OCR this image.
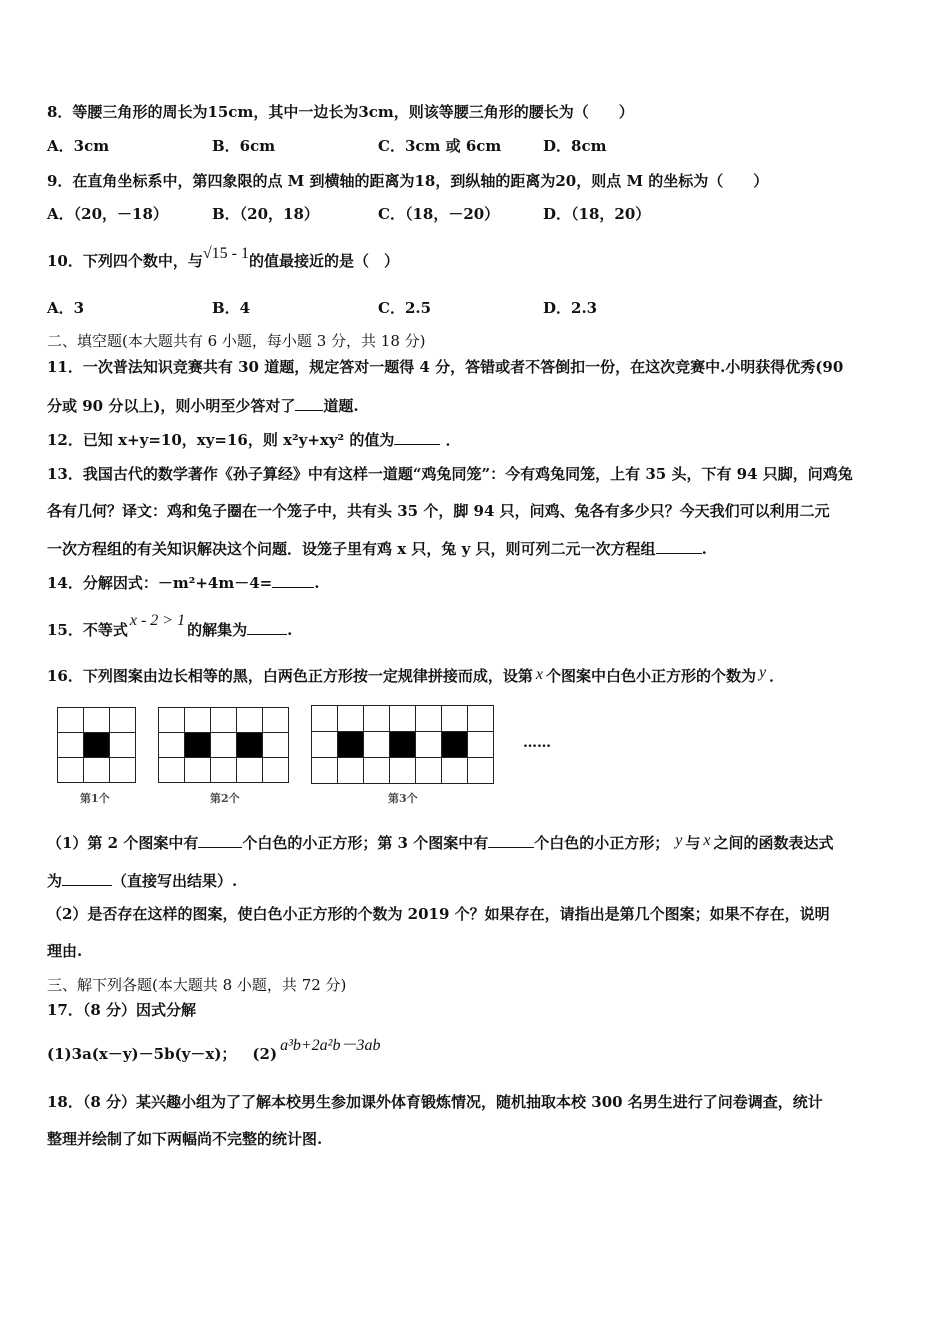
8．等腰三角形的周长为15cm，其中一边长为3cm，则该等腰三角形的腰长为（　　）
A．3cm	B．6cm	C．3cm 或 6cm	D．8cm
9．在直角坐标系中，第四象限的点 M 到横轴的距离为18，到纵轴的距离为20，则点 M 的坐标为（　　）
A．（20，－18）	B．（20，18）	C．（18，－20）	D．（18，20）
10．下列四个数中，与√15 - 1的值最接近的是（　）
A．3	B．4	C．2.5	D．2.3
二、填空题(本大题共有 6 小题，每小题 3 分，共 18 分)
11．一次普法知识竞赛共有 30 道题，规定答对一题得 4 分，答错或者不答倒扣一份，在这次竞赛中.小明获得优秀(90
分或 90 分以上)，则小明至少答对了 道题.
12．已知 x+y=10，xy=16，则 x²y+xy² 的值为	．
13．我国古代的数学著作《孙子算经》中有这样一道题“鸡兔同笼”：今有鸡兔同笼，上有 35 头，下有 94 只脚，问鸡兔
各有几何？译文：鸡和兔子圈在一个笼子中，共有头 35 个，脚 94 只，问鸡、兔各有多少只？今天我们可以利用二元
一次方程组的有关知识解决这个问题．设笼子里有鸡 x 只，兔 y 只，则可列二元一次方程组	.
14．分解因式：－m²+4m－4=	.
15．不等式x - 2 > 1的解集为	.
16．下列图案由边长相等的黑，白两色正方形按一定规律拼接而成，设第 x 个图案中白色小正方形的个数为 y ．
第1个	第2个	第3个
……
（1）第 2 个图案中有	个白色的小正方形；第 3 个图案中有	个白色的小正方形； y 与 x 之间的函数表达式
为	（直接写出结果）.
（2）是否存在这样的图案，使白色小正方形的个数为 2019 个？如果存在，请指出是第几个图案；如果不存在，说明
理由.
三、解下列各题(本大题共 8 小题，共 72 分)
17．（8 分）因式分解
(1)3a(x－y)－5b(y－x)； (2) a³b+2a²b－3ab
18．（8 分）某兴趣小组为了了解本校男生参加课外体育锻炼情况，随机抽取本校 300 名男生进行了问卷调查，统计
整理并绘制了如下两幅尚不完整的统计图.
